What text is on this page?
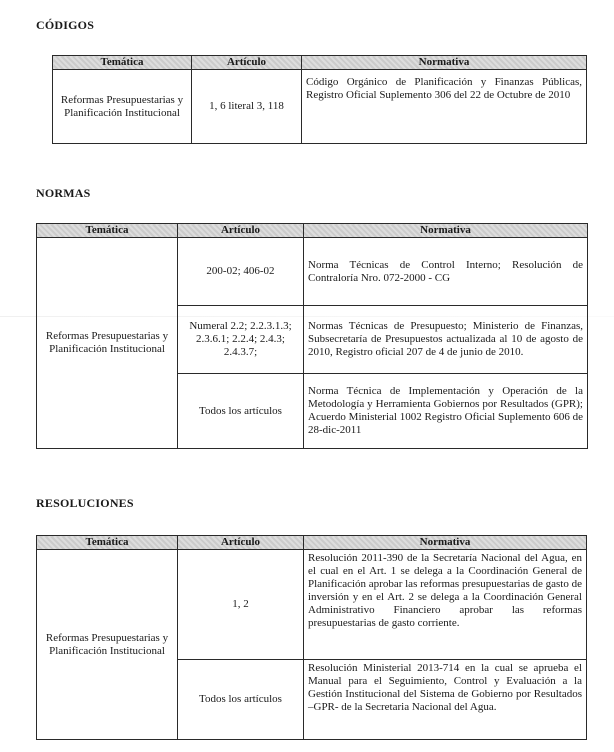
CÓDIGOS
Temática	Artículo	Normativa
Reformas Presupuestarias y Planificación Institucional	1, 6 literal 3, 118	Código Orgánico de Planificación y Finanzas Públicas, Registro Oficial Suplemento 306 del 22 de Octubre de 2010
NORMAS
Temática	Artículo	Normativa
Reformas Presupuestarias y Planificación Institucional	200-02; 406-02	Norma Técnicas de Control Interno; Resolución de Contraloría Nro. 072-2000 - CG
	Numeral 2.2; 2.2.3.1.3; 2.3.6.1; 2.2.4; 2.4.3; 2.4.3.7;	Normas Técnicas de Presupuesto; Ministerio de Finanzas, Subsecretaría de Presupuestos actualizada al 10 de agosto de 2010, Registro oficial 207 de 4 de junio de 2010.
	Todos los artículos	Norma Técnica de Implementación y Operación de la Metodología y Herramienta Gobiernos por Resultados (GPR); Acuerdo Ministerial 1002 Registro Oficial Suplemento 606 de 28-dic-2011
RESOLUCIONES
Temática	Artículo	Normativa
Reformas Presupuestarias y Planificación Institucional	1, 2	Resolución 2011-390 de la Secretaría Nacional del Agua, en el cual en el Art. 1 se delega a la Coordinación General de Planificación aprobar las reformas presupuestarias de gasto de inversión y en el Art. 2 se delega a la Coordinación General Administrativo Financiero aprobar las reformas presupuestarias de gasto corriente.
	Todos los artículos	Resolución Ministerial 2013-714 en la cual se aprueba el Manual para el Seguimiento, Control y Evaluación a la Gestión Institucional del Sistema de Gobierno por Resultados –GPR- de la Secretaria Nacional del Agua.
